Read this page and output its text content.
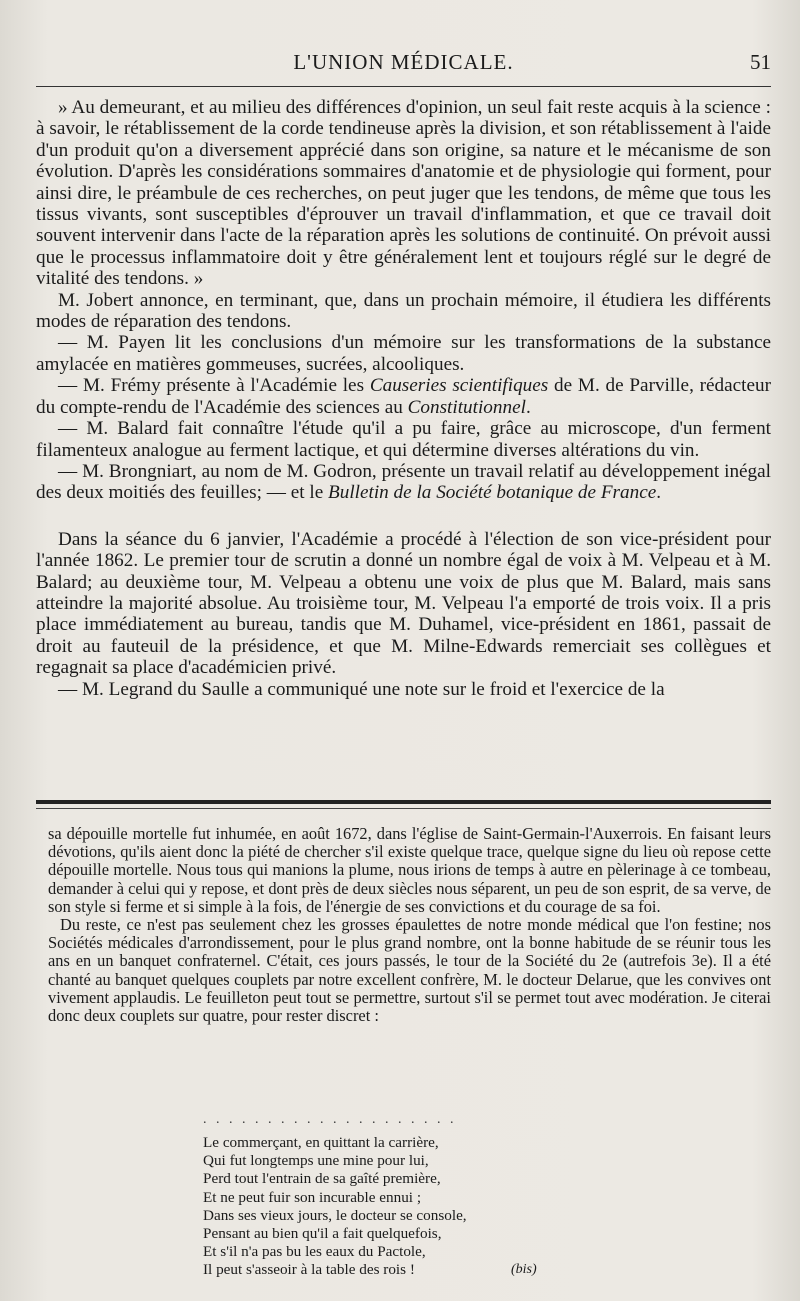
L'UNION MÉDICALE.	51

» Au demeurant, et au milieu des différences d'opinion, un seul fait reste acquis à la science : à savoir, le rétablissement de la corde tendineuse après la division, et son rétablissement à l'aide d'un produit qu'on a diversement apprécié dans son origine, sa nature et le mécanisme de son évolution. D'après les considérations sommaires d'anatomie et de physiologie qui forment, pour ainsi dire, le préambule de ces recherches, on peut juger que les tendons, de même que tous les tissus vivants, sont susceptibles d'éprouver un travail d'inflammation, et que ce travail doit souvent intervenir dans l'acte de la réparation après les solutions de continuité. On prévoit aussi que le processus inflammatoire doit y être généralement lent et toujours réglé sur le degré de vitalité des tendons. »

M. Jobert annonce, en terminant, que, dans un prochain mémoire, il étudiera les différents modes de réparation des tendons.

— M. Payen lit les conclusions d'un mémoire sur les transformations de la substance amylacée en matières gommeuses, sucrées, alcooliques.

— M. Frémy présente à l'Académie les Causeries scientifiques de M. de Parville, rédacteur du compte-rendu de l'Académie des sciences au Constitutionnel.

— M. Balard fait connaître l'étude qu'il a pu faire, grâce au microscope, d'un ferment filamenteux analogue au ferment lactique, et qui détermine diverses altérations du vin.

— M. Brongniart, au nom de M. Godron, présente un travail relatif au développement inégal des deux moitiés des feuilles; — et le Bulletin de la Société botanique de France.

Dans la séance du 6 janvier, l'Académie a procédé à l'élection de son vice-président pour l'année 1862. Le premier tour de scrutin a donné un nombre égal de voix à M. Velpeau et à M. Balard; au deuxième tour, M. Velpeau a obtenu une voix de plus que M. Balard, mais sans atteindre la majorité absolue. Au troisième tour, M. Velpeau l'a emporté de trois voix. Il a pris place immédiatement au bureau, tandis que M. Duhamel, vice-président en 1861, passait de droit au fauteuil de la présidence, et que M. Milne-Edwards remerciait ses collègues et regagnait sa place d'académicien privé.

— M. Legrand du Saulle a communiqué une note sur le froid et l'exercice de la

sa dépouille mortelle fut inhumée, en août 1672, dans l'église de Saint-Germain-l'Auxerrois. En faisant leurs dévotions, qu'ils aient donc la piété de chercher s'il existe quelque trace, quelque signe du lieu où repose cette dépouille mortelle. Nous tous qui manions la plume, nous irions de temps à autre en pèlerinage à ce tombeau, demander à celui qui y repose, et dont près de deux siècles nous séparent, un peu de son esprit, de sa verve, de son style si ferme et si simple à la fois, de l'énergie de ses convictions et du courage de sa foi.

Du reste, ce n'est pas seulement chez les grosses épaulettes de notre monde médical que l'on festine; nos Sociétés médicales d'arrondissement, pour le plus grand nombre, ont la bonne habitude de se réunir tous les ans en un banquet confraternel. C'était, ces jours passés, le tour de la Société du 2e (autrefois 3e). Il a été chanté au banquet quelques couplets par notre excellent confrère, M. le docteur Delarue, que les convives ont vivement applaudis. Le feuilleton peut tout se permettre, surtout s'il se permet tout avec modération. Je citerai donc deux couplets sur quatre, pour rester discret :

. . . . . . . . . . . . . . . . . . . .
Le commerçant, en quittant la carrière,
Qui fut longtemps une mine pour lui,
Perd tout l'entrain de sa gaîté première,
Et ne peut fuir son incurable ennui ;
Dans ses vieux jours, le docteur se console,
Pensant au bien qu'il a fait quelquefois,
Et s'il n'a pas bu les eaux du Pactole,
Il peut s'asseoir à la table des rois !	(bis)
